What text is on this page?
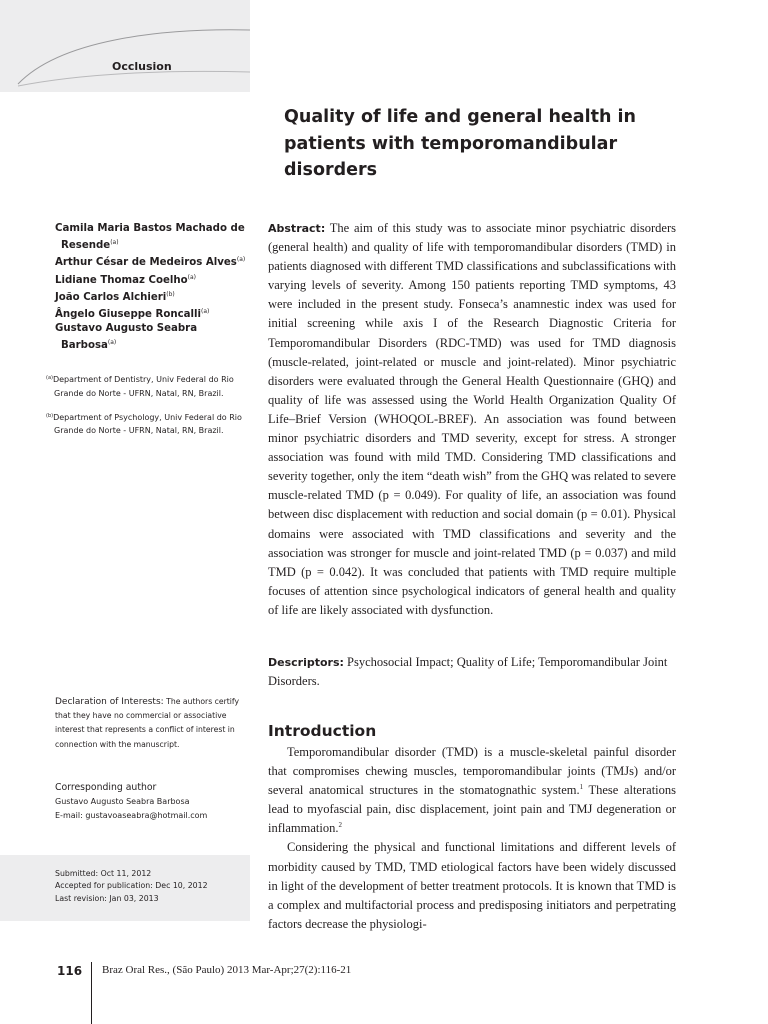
Occlusion
Quality of life and general health in
patients with temporomandibular
disorders
Camila Maria Bastos Machado de Resende$^{(a)}$
Arthur César de Medeiros Alves$^{(a)}$
Lidiane Thomaz Coelho$^{(a)}$
João Carlos Alchieri$^{(b)}$
Ângelo Giuseppe Roncalli$^{(a)}$
Gustavo Augusto Seabra Barbosa$^{(a)}$
$^{(a)}$Department of Dentistry, Univ Federal do Rio Grande do Norte - UFRN, Natal, RN, Brazil.
$^{(b)}$Department of Psychology, Univ Federal do Rio Grande do Norte - UFRN, Natal, RN, Brazil.
Declaration of Interests: The authors certify that they have no commercial or associative interest that represents a conflict of interest in connection with the manuscript.
Corresponding author
Gustavo Augusto Seabra Barbosa
E-mail: gustavoaseabra@hotmail.com
Submitted: Oct 11, 2012
Accepted for publication: Dec 10, 2012
Last revision: Jan 03, 2013

Abstract: The aim of this study was to associate minor psychiatric disorders (general health) and quality of life with temporomandibular disorders (TMD) in patients diagnosed with different TMD classifications and subclassifications with varying levels of severity. Among 150 patients reporting TMD symptoms, 43 were included in the present study. Fonseca’s anamnestic index was used for initial screening while axis I of the Research Diagnostic Criteria for Temporomandibular Disorders (RDC-TMD) was used for TMD diagnosis (muscle-related, joint-related or muscle and joint-related). Minor psychiatric disorders were evaluated through the General Health Questionnaire (GHQ) and quality of life was assessed using the World Health Organization Quality Of Life–Brief Version (WHOQOL-BREF). An association was found between minor psychiatric disorders and TMD severity, except for stress. A stronger association was found with mild TMD. Considering TMD classifications and severity together, only the item “death wish” from the GHQ was related to severe muscle-related TMD (p = 0.049). For quality of life, an association was found between disc displacement with reduction and social domain (p = 0.01). Physical domains were associated with TMD classifications and severity and the association was stronger for muscle and joint-related TMD (p = 0.037) and mild TMD (p = 0.042). It was concluded that patients with TMD require multiple focuses of attention since psychological indicators of general health and quality of life are likely associated with dysfunction.

Descriptors: Psychosocial Impact; Quality of Life; Temporomandibular Joint Disorders.

Introduction

Temporomandibular disorder (TMD) is a muscle-skeletal painful disorder that compromises chewing muscles, temporomandibular joints (TMJs) and/or several anatomical structures in the stomatognathic system.$^1$ These alterations lead to myofascial pain, disc displacement, joint pain and TMJ degeneration or inflammation.$^2$

Considering the physical and functional limitations and different levels of morbidity caused by TMD, TMD etiological factors have been widely discussed in light of the development of better treatment protocols. It is known that TMD is a complex and multifactorial process and predisposing initiators and perpetrating factors decrease the physiologi-

116 Braz Oral Res., (São Paulo) 2013 Mar-Apr;27(2):116-21
